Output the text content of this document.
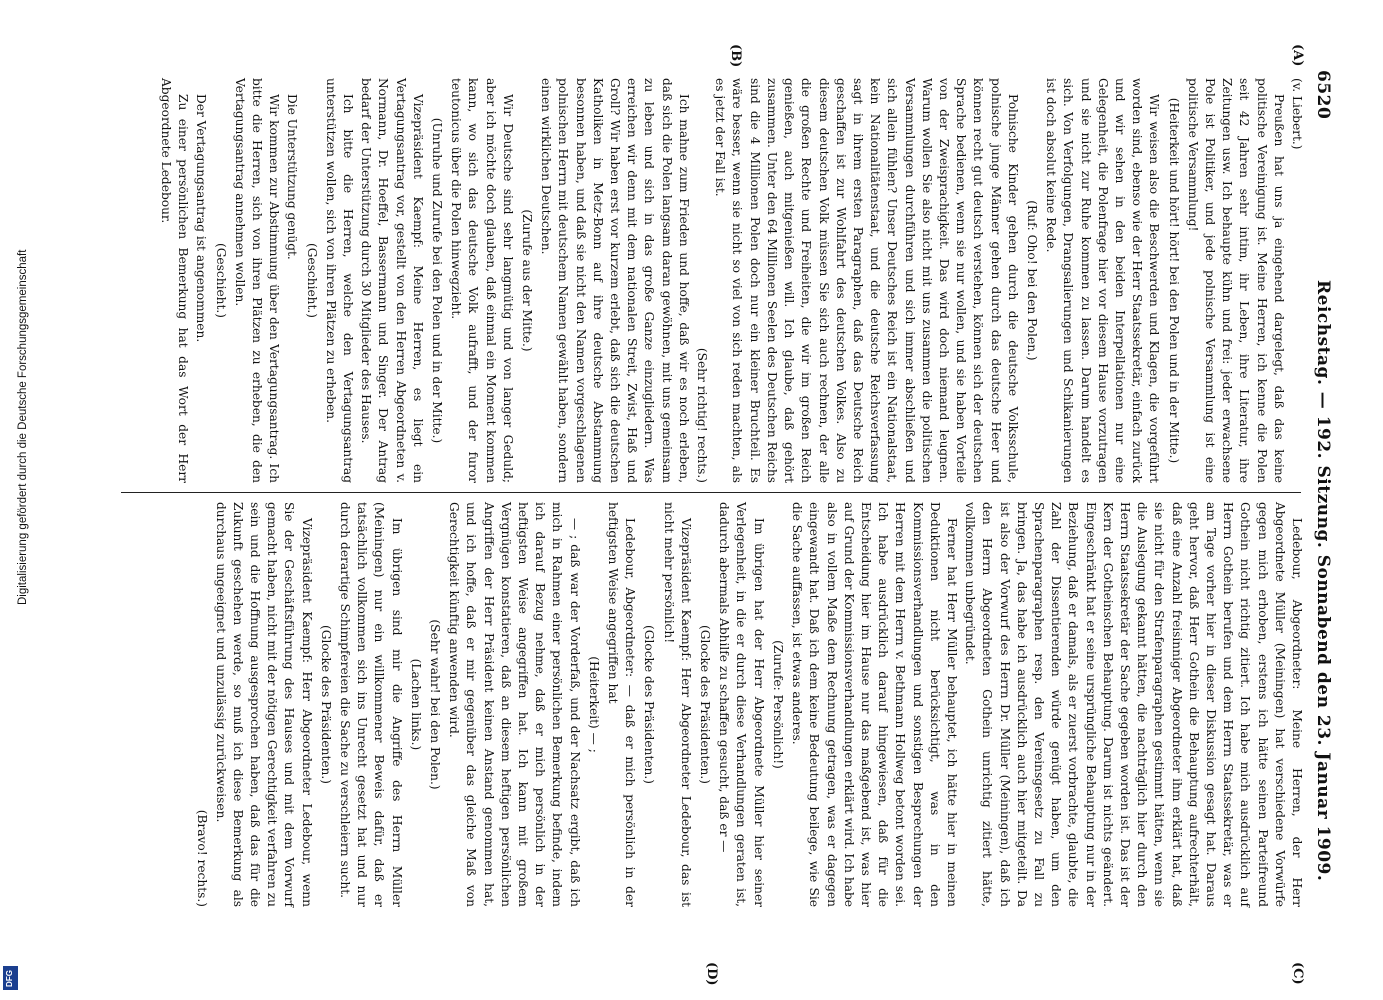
6520
Reichstag. — 192. Sitzung. Sonnabend den 23. Januar 1909.
(A)
(B)
(C)
(D)

(v. Liebert.)

Preußen hat uns ja eingehend dargelegt, daß das keine politische Vereinigung ist. Meine Herren, ich kenne die Polen seit 42 Jahren sehr intim, ihr Leben, ihre Literatur, ihre Zeitungen usw. Ich behaupte kühn und frei: jeder erwachsene Pole ist Politiker, und jede polnische Versammlung ist eine politische Versammlung!

(Heiterkeit und hört! hört! bei den Polen und in der Mitte.)

Wir weisen also die Beschwerden und Klagen, die vorgeführt worden sind, ebenso wie der Herr Staatssekretär, einfach zurück und wir sehen in den beiden Interpellationen nur eine Gelegenheit, die Polenfrage hier vor diesem Hause vorzutragen und sie nicht zur Ruhe kommen zu lassen. Darum handelt es sich. Von Verfolgungen, Drangsalierungen und Schikanierungen ist doch absolut keine Rede.

(Ruf: Oho! bei den Polen.)

Polnische Kinder gehen durch die deutsche Volksschule, polnische junge Männer gehen durch das deutsche Heer und können recht gut deutsch verstehen, können sich der deutschen Sprache bedienen, wenn sie nur wollen, und sie haben Vorteile von der Zweisprachigkeit. Das wird doch niemand leugnen. Warum wollen Sie also nicht mit uns zusammen die politischen Versammlungen durchführen und sich immer abschließen und sich allein fühlen? Unser Deutsches Reich ist ein Nationalstaat, kein Nationalitätenstaat, und die deutsche Reichsverfassung sagt in ihrem ersten Paragraphen, daß das Deutsche Reich geschaffen ist zur Wohlfahrt des deutschen Volkes. Also zu diesem deutschen Volk müssen Sie sich auch rechnen, der alle die großen Rechte und Freiheiten, die wir im großen Reich genießen, auch mitgenießen will. Ich glaube, daß gehört zusammen. Unter den 64 Millionen Seelen des Deutschen Reichs sind die 4 Millionen Polen doch nur ein kleiner Bruchteil. Es wäre besser, wenn sie nicht so viel von sich reden machten, als es jetzt der Fall ist.

(Sehr richtig! rechts.)

Ich mahne zum Frieden und hoffe, daß wir es noch erleben, daß sich die Polen langsam daran gewöhnen, mit uns gemeinsam zu leben und sich in das große Ganze einzugliedern. Was erreichen wir denn mit dem nationalen Streit, Zwist, Haß und Groll? Wir haben erst vor kurzem erlebt, daß sich die deutschen Katholiken in Metz-Bonn auf ihre deutsche Abstammung besonnen haben, und daß sie nicht den Namen vorgeschlagenen polnischen Herrn mit deutschem Namen gewählt haben, sondern einen wirklichen Deutschen.

(Zurufe aus der Mitte.)

Wir Deutsche sind sehr langmütig und von langer Geduld; aber ich möchte doch glauben, daß einmal ein Moment kommen kann, wo sich das deutsche Volk aufrafft, und der furor teutonicus über die Polen hinwegzieht.

(Unruhe und Zurufe bei den Polen und in der Mitte.)

Vizepräsident Kaempf: Meine Herren, es liegt ein Vertagungsantrag vor, gestellt von den Herren Abgeordneten v. Normann, Dr. Hoeffel, Bassermann und Singer. Der Antrag bedarf der Unterstützung durch 30 Mitglieder des Hauses.

Ich bitte die Herren, welche den Vertagungsantrag unterstützen wollen, sich von ihren Plätzen zu erheben.

(Geschieht.)

Die Unterstützung genügt.

Wir kommen zur Abstimmung über den Vertagungsantrag. Ich bitte die Herren, sich von ihren Plätzen zu erheben, die den Vertagungsantrag annehmen wollen.

(Geschieht.)

Der Vertagungsantrag ist angenommen.

Zu einer persönlichen Bemerkung hat das Wort der Herr Abgeordnete Ledebour.

Ledebour, Abgeordneter: Meine Herren, der Herr Abgeordnete Müller (Meiningen) hat verschiedene Vorwürfe gegen mich erhoben, erstens ich hätte seinen Parteifreund Gothein nicht richtig zitiert. Ich habe mich ausdrücklich auf Herrn Gothein berufen und dem Herrn Staatssekretär, was er am Tage vorher hier in dieser Diskussion gesagt hat. Daraus geht hervor, daß Herr Gothein die Behauptung aufrechterhält, daß eine Anzahl freisinniger Abgeordneter ihm erklärt hat, daß sie nicht für den Strafenparagraphen gestimmt hätten, wenn sie die Auslegung gekannt hätten, die nachträglich hier durch den Herrn Staatssekretär der Sache gegeben worden ist. Das ist der Kern der Gotheinschen Behauptung. Darum ist nichts geändert. Eingeschränkt hat er seine ursprüngliche Behauptung nur in der Beziehung, daß er damals, als er zuerst vorbrachte, glaubte, die Zahl der Dissentierenden würde genügt haben, um den Sprachenparagraphen resp. den Vereinsgesetz zu Fall zu bringen. Ja, das habe ich ausdrücklich auch hier mitgeteilt. Da ist also der Vorwurf des Herrn Dr. Müller (Meiningen), daß ich den Herrn Abgeordneten Gothein unrichtig zitiert hätte, vollkommen unbegründet.

Ferner hat Herr Müller behauptet, ich hätte hier in meinen Deduktionen nicht berücksichtigt, was in den Kommissionsverhandlungen und sonstigen Besprechungen der Herren mit dem Herrn v. Bethmann Hollweg betont worden sei. Ich habe ausdrücklich darauf hingewiesen, daß für die Entscheidung hier im Hause nur das maßgebend ist, was hier auf Grund der Kommissionsverhandlungen erklärt wird. Ich habe also in vollem Maße dem Rechnung getragen, was er dagegen eingewandt hat. Daß ich dem keine Bedeutung beilege, wie Sie die Sache auffassen, ist etwas anderes.

(Zurufe: Persönlich!)

Im übrigen hat der Herr Abgeordnete Müller hier seiner Verlegenheit, in die er durch diese Verhandlungen geraten ist, dadurch abermals Abhilfe zu schaffen gesucht, daß er —

(Glocke des Präsidenten.)

Vizepräsident Kaempf: Herr Abgeordneter Ledebour, das ist nicht mehr persönlich!

(Glocke des Präsidenten.)

Ledebour, Abgeordneter: — daß er mich persönlich in der heftigsten Weise angegriffen hat

(Heiterkeit) — ;

— ; daß war der Vorderfaß, und der Nachsatz ergibt, daß ich mich in Rahmen einer persönlichen Bemerkung befinde, indem ich darauf Bezug nehme, daß er mich persönlich in der heftigsten Weise angegriffen hat. Ich kann mit großem Vergnügen konstatieren, daß an diesem heftigen persönlichen Angriffen der Herr Präsident keinen Anstand genommen hat, und ich hoffe, daß er mir gegenüber das gleiche Maß von Gerechtigkeit künftig anwenden wird.

(Sehr wahr! bei den Polen.)

(Lachen links.)

Im übrigen sind mir die Angriffe des Herrn Müller (Meiningen) nur ein willkommener Beweis dafür, daß er tatsächlich vollkommen sich ins Unrecht gesetzt hat und nur durch derartige Schimpfereien die Sache zu verschleiern sucht.

(Glocke des Präsidenten.)

Vizepräsident Kaempf: Herr Abgeordneter Ledebour, wenn Sie der Geschäftsführung des Hauses und mit dem Vorwurf gemacht haben, nicht mit der nötigen Gerechtigkeit verfahren zu sein und die Hoffnung ausgesprochen haben, daß das für die Zukunft geschehen werde, so muß ich diese Bemerkung als durchaus ungeeignet und unzulässig zurückweisen.

(Bravo! rechts.)

Digitalisierung gefördert durch die Deutsche Forschungsgemeinschaft
DFG
